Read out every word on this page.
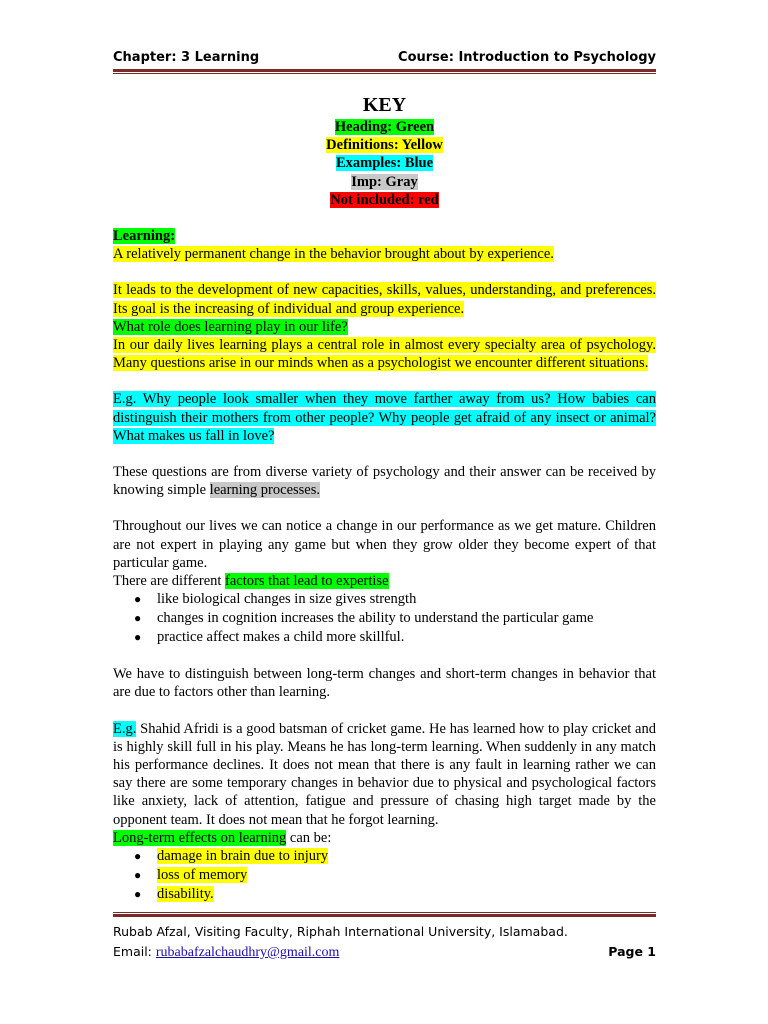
Chapter: 3 Learning	Course: Introduction to Psychology
KEY
Heading: Green
Definitions: Yellow
Examples: Blue
Imp: Gray
Not included: red

Learning:

A relatively permanent change in the behavior brought about by experience.

It leads to the development of new capacities, skills, values, understanding, and preferences. Its goal is the increasing of individual and group experience.

What role does learning play in our life?

In our daily lives learning plays a central role in almost every specialty area of psychology. Many questions arise in our minds when as a psychologist we encounter different situations.

E.g. Why people look smaller when they move farther away from us? How babies can distinguish their mothers from other people? Why people get afraid of any insect or animal? What makes us fall in love?

These questions are from diverse variety of psychology and their answer can be received by knowing simple learning processes.

Throughout our lives we can notice a change in our performance as we get mature. Children are not expert in playing any game but when they grow older they become expert of that particular game.

There are different factors that lead to expertise

● like biological changes in size gives strength
● changes in cognition increases the ability to understand the particular game
● practice affect makes a child more skillful.

We have to distinguish between long-term changes and short-term changes in behavior that are due to factors other than learning.

E.g. Shahid Afridi is a good batsman of cricket game. He has learned how to play cricket and is highly skill full in his play. Means he has long-term learning. When suddenly in any match his performance declines. It does not mean that there is any fault in learning rather we can say there are some temporary changes in behavior due to physical and psychological factors like anxiety, lack of attention, fatigue and pressure of chasing high target made by the opponent team. It does not mean that he forgot learning.

Long-term effects on learning can be:

● damage in brain due to injury
● loss of memory
● disability.
Rubab Afzal, Visiting Faculty, Riphah International University, Islamabad.
Email: rubabafzalchaudhry@gmail.com	Page 1
